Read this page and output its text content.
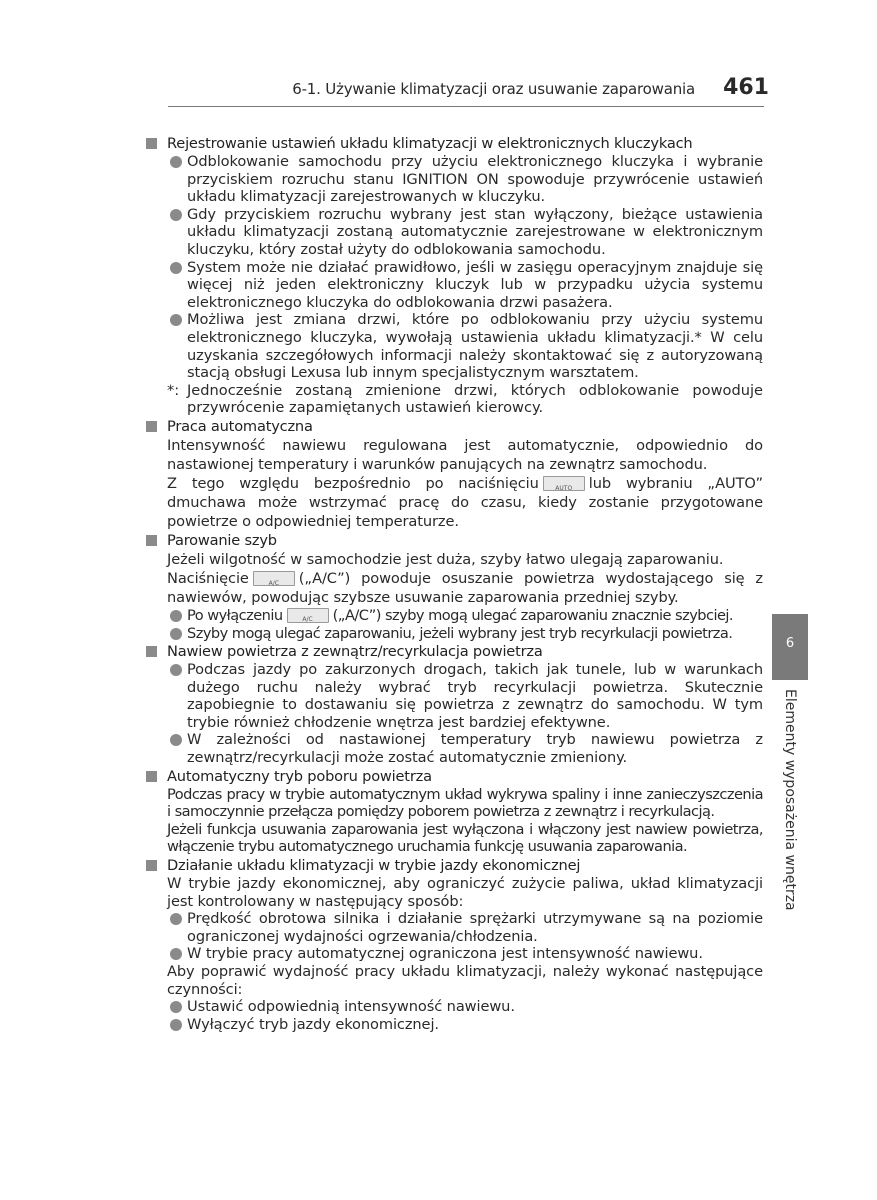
6-1. Używanie klimatyzacji oraz usuwanie zaparowania 461
6
Elementy wyposażenia wnętrza
Rejestrowanie ustawień układu klimatyzacji w elektronicznych kluczykach
Odblokowanie samochodu przy użyciu elektronicznego kluczyka i wybranie przyciskiem rozruchu stanu IGNITION ON spowoduje przywrócenie ustawień układu klimatyzacji zarejestrowanych w kluczyku.
Gdy przyciskiem rozruchu wybrany jest stan wyłączony, bieżące ustawienia układu klimatyzacji zostaną automatycznie zarejestrowane w elektronicznym kluczyku, który został użyty do odblokowania samochodu.
System może nie działać prawidłowo, jeśli w zasięgu operacyjnym znajduje się więcej niż jeden elektroniczny kluczyk lub w przypadku użycia systemu elektronicznego kluczyka do odblokowania drzwi pasażera.
Możliwa jest zmiana drzwi, które po odblokowaniu przy użyciu systemu elektronicznego kluczyka, wywołają ustawienia układu klimatyzacji.* W celu uzyskania szczegółowych informacji należy skontaktować się z autoryzowaną stacją obsługi Lexusa lub innym specjalistycznym warsztatem.
*: Jednocześnie zostaną zmienione drzwi, których odblokowanie powoduje przywrócenie zapamiętanych ustawień kierowcy.
Praca automatyczna
Intensywność nawiewu regulowana jest automatycznie, odpowiednio do nastawionej temperatury i warunków panujących na zewnątrz samochodu.
Z tego względu bezpośrednio po naciśnięciu	AUTO	lub wybraniu „AUTO” dmuchawa może wstrzymać pracę do czasu, kiedy zostanie przygotowane powietrze o odpowiedniej temperaturze.
Parowanie szyb
Jeżeli wilgotność w samochodzie jest duża, szyby łatwo ulegają zaparowaniu.
Naciśnięcie	A/C	(„A/C”) powoduje osuszanie powietrza wydostającego się z nawiewów, powodując szybsze usuwanie zaparowania przedniej szyby.
Po wyłączeniu	A/C	(„A/C”) szyby mogą ulegać zaparowaniu znacznie szybciej.
Szyby mogą ulegać zaparowaniu, jeżeli wybrany jest tryb recyrkulacji powietrza.
Nawiew powietrza z zewnątrz/recyrkulacja powietrza
Podczas jazdy po zakurzonych drogach, takich jak tunele, lub w warunkach dużego ruchu należy wybrać tryb recyrkulacji powietrza. Skutecznie zapobiegnie to dostawaniu się powietrza z zewnątrz do samochodu. W tym trybie również chłodzenie wnętrza jest bardziej efektywne.
W zależności od nastawionej temperatury tryb nawiewu powietrza z zewnątrz/recyrkulacji może zostać automatycznie zmieniony.
Automatyczny tryb poboru powietrza
Podczas pracy w trybie automatycznym układ wykrywa spaliny i inne zanieczyszczenia i samoczynnie przełącza pomiędzy poborem powietrza z zewnątrz i recyrkulacją.
Jeżeli funkcja usuwania zaparowania jest wyłączona i włączony jest nawiew powietrza, włączenie trybu automatycznego uruchamia funkcję usuwania zaparowania.
Działanie układu klimatyzacji w trybie jazdy ekonomicznej
W trybie jazdy ekonomicznej, aby ograniczyć zużycie paliwa, układ klimatyzacji jest kontrolowany w następujący sposób:
Prędkość obrotowa silnika i działanie sprężarki utrzymywane są na poziomie ograniczonej wydajności ogrzewania/chłodzenia.
W trybie pracy automatycznej ograniczona jest intensywność nawiewu.
Aby poprawić wydajność pracy układu klimatyzacji, należy wykonać następujące czynności:
Ustawić odpowiednią intensywność nawiewu.
Wyłączyć tryb jazdy ekonomicznej.
